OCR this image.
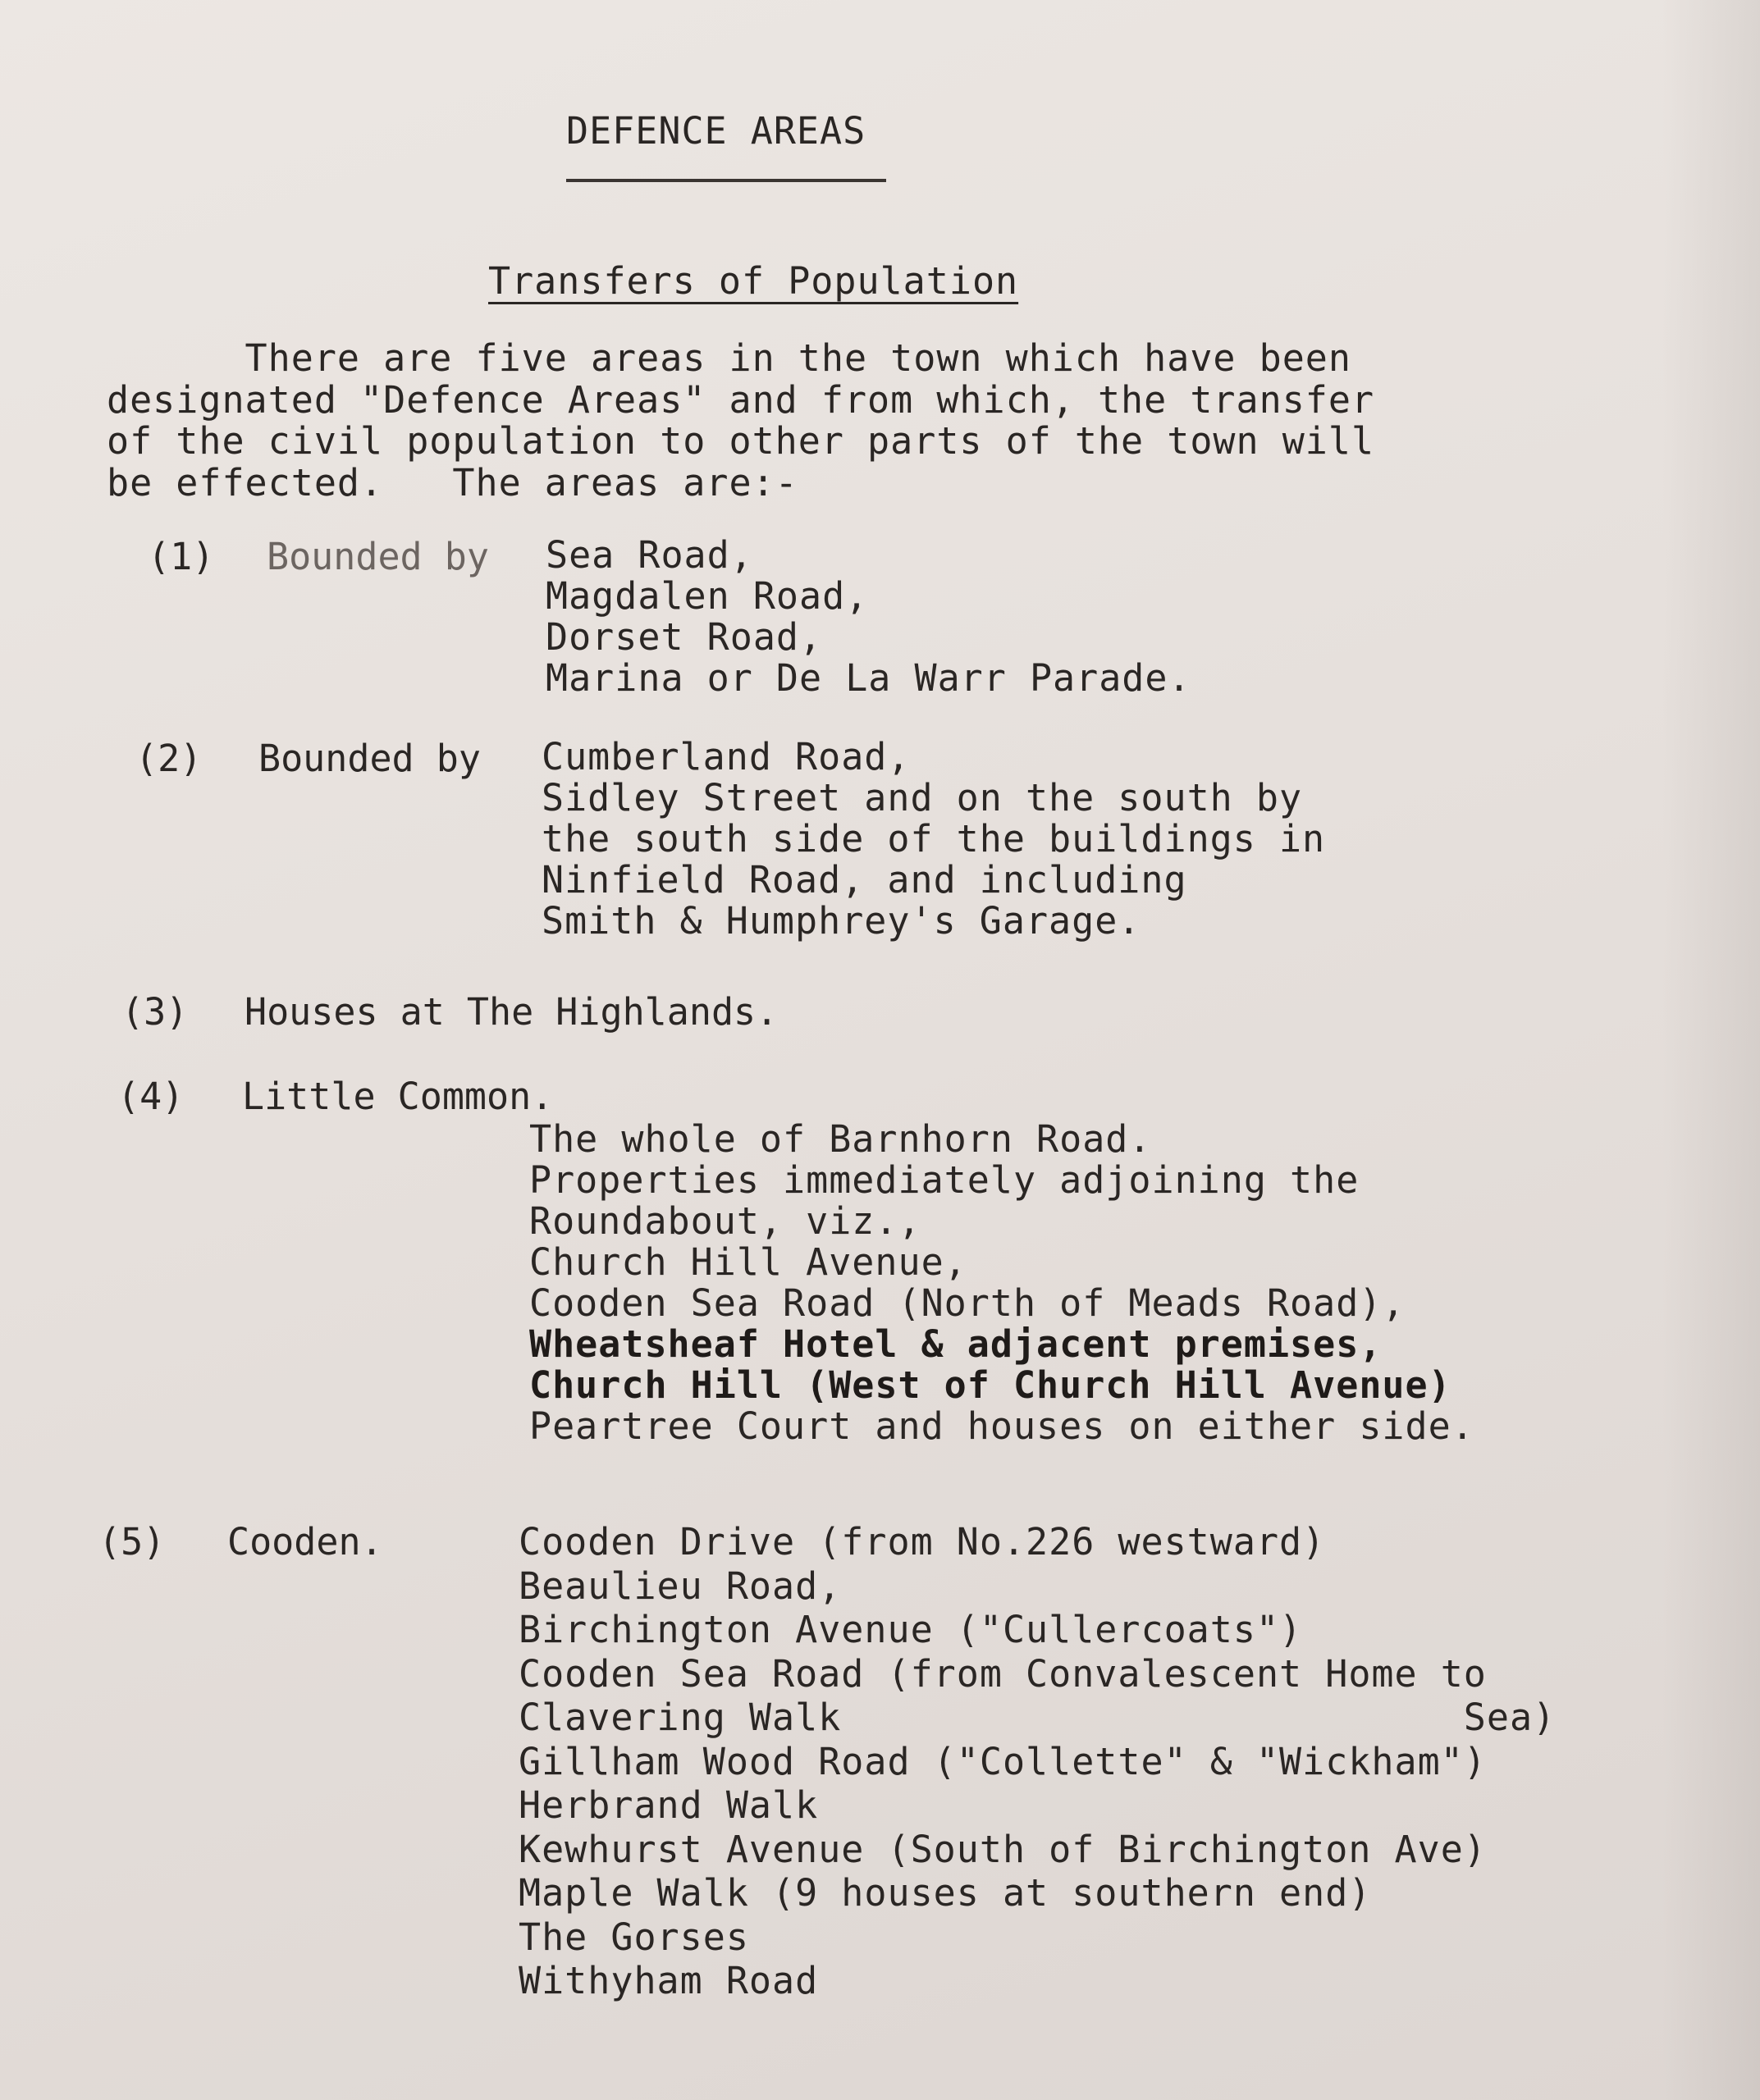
DEFENCE AREAS
Transfers of Population
There are five areas in the town which have been
designated "Defence Areas" and from which, the transfer
of the civil population to other parts of the town will
be effected.   The areas are:-
(1) Bounded by Sea Road,
Magdalen Road,
Dorset Road,
Marina or De La Warr Parade.
(2) Bounded by Cumberland Road,
Sidley Street and on the south by
the south side of the buildings in
Ninfield Road, and including
Smith & Humphrey's Garage.
(3) Houses at The Highlands.
(4) Little Common.
The whole of Barnhorn Road.
Properties immediately adjoining the
Roundabout, viz.,
Church Hill Avenue,
Cooden Sea Road (North of Meads Road),
Wheatsheaf Hotel & adjacent premises,
Church Hill (West of Church Hill Avenue)
Peartree Court and houses on either side.
(5) Cooden.	Cooden Drive (from No.226 westward)
Beaulieu Road,
Birchington Avenue ("Cullercoats")
Cooden Sea Road (from Convalescent Home to
Clavering Walk                           Sea)
Gillham Wood Road ("Collette" & "Wickham")
Herbrand Walk
Kewhurst Avenue (South of Birchington Ave)
Maple Walk (9 houses at southern end)
The Gorses
Withyham Road
